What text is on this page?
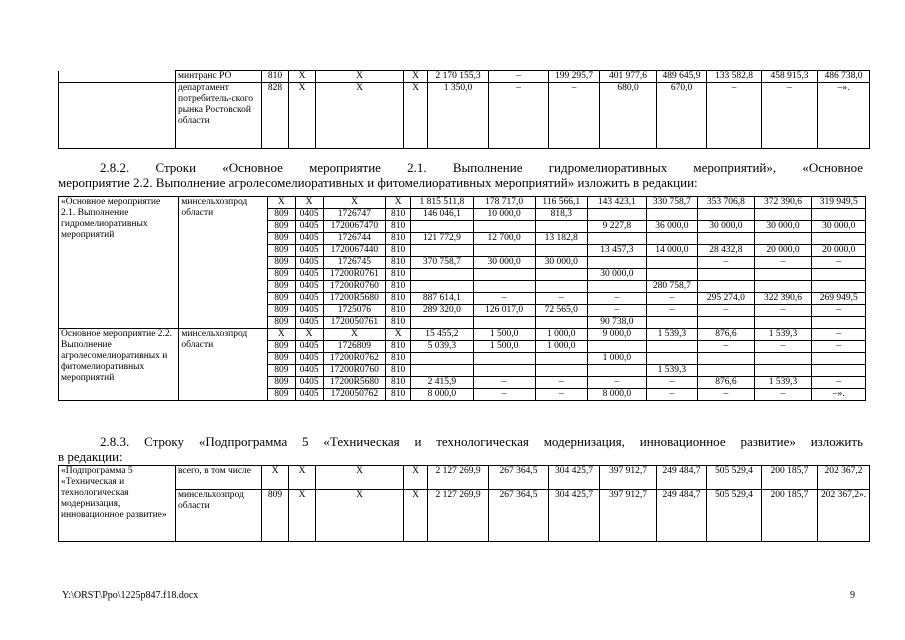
	минтранс РО	810	Х	Х	Х	2 170 155,3	–	199 295,7	401 977,6	489 645,9	133 582,8	458 915,3	486 738,0
	департамент потребитель-ского рынка Ростовской области	828	Х	Х	Х	1 350,0	–	–	680,0	670,0	–	–	–».
2.8.2. Строки «Основное мероприятие 2.1. Выполнение гидромелиоративных мероприятий», «Основное
мероприятие 2.2. Выполнение агролесомелиоративных и фитомелиоративных мероприятий» изложить в редакции:
«Основное мероприятие 2.1. Выполнение гидромелиоративных мероприятий	минсельхозпрод области	Х	Х	Х	Х	1 815 511,8	178 717,0	116 566,1	143 423,1	330 758,7	353 706,8	372 390,6	319 949,5
		809	0405	1726747	810	146 046,1	10 000,0	818,3					
		809	0405	1720067470	810				9 227,8	36 000,0	30 000,0	30 000,0	30 000,0
		809	0405	1726744	810	121 772,9	12 700,0	13 182,8					
		809	0405	1720067440	810				13 457,3	14 000,0	28 432,8	20 000,0	20 000,0
		809	0405	1726745	810	370 758,7	30 000,0	30 000,0			–	–	–
		809	0405	17200R0761	810				30 000,0				
		809	0405	17200R0760	810					280 758,7			
		809	0405	17200R5680	810	887 614,1	–	–	–	–	295 274,0	322 390,6	269 949,5
		809	0405	1725076	810	289 320,0	126 017,0	72 565,0	–	–	–	–	–
		809	0405	1720050761	810				90 738,0				
Основное мероприятие 2.2. Выполнение агролесомелиоративных и фитомелиоративных мероприятий	минсельхозпрод области	Х	Х	Х	Х	15 455,2	1 500,0	1 000,0	9 000,0	1 539,3	876,6	1 539,3	–
		809	0405	1726809	810	5 039,3	1 500,0	1 000,0			–	–	–
		809	0405	17200R0762	810				1 000,0				
		809	0405	17200R0760	810					1 539,3			
		809	0405	17200R5680	810	2 415,9	–	–	–	–	876,6	1 539,3	–
		809	0405	1720050762	810	8 000,0	–	–	8 000,0	–	–	–	–».
2.8.3. Строку «Подпрограмма 5 «Техническая и технологическая модернизация, инновационное развитие» изложить
в редакции:
«Подпрограмма 5 «Техническая и технологическая модернизация, инновационное развитие»	всего, в том числе	Х	Х	Х	Х	2 127 269,9	267 364,5	304 425,7	397 912,7	249 484,7	505 529,4	200 185,7	202 367,2
	минсельхозпрод области	809	Х	Х	Х	2 127 269,9	267 364,5	304 425,7	397 912,7	249 484,7	505 529,4	200 185,7	202 367,2».
Y:\ORST\Ppo\1225p847.f18.docx	9
